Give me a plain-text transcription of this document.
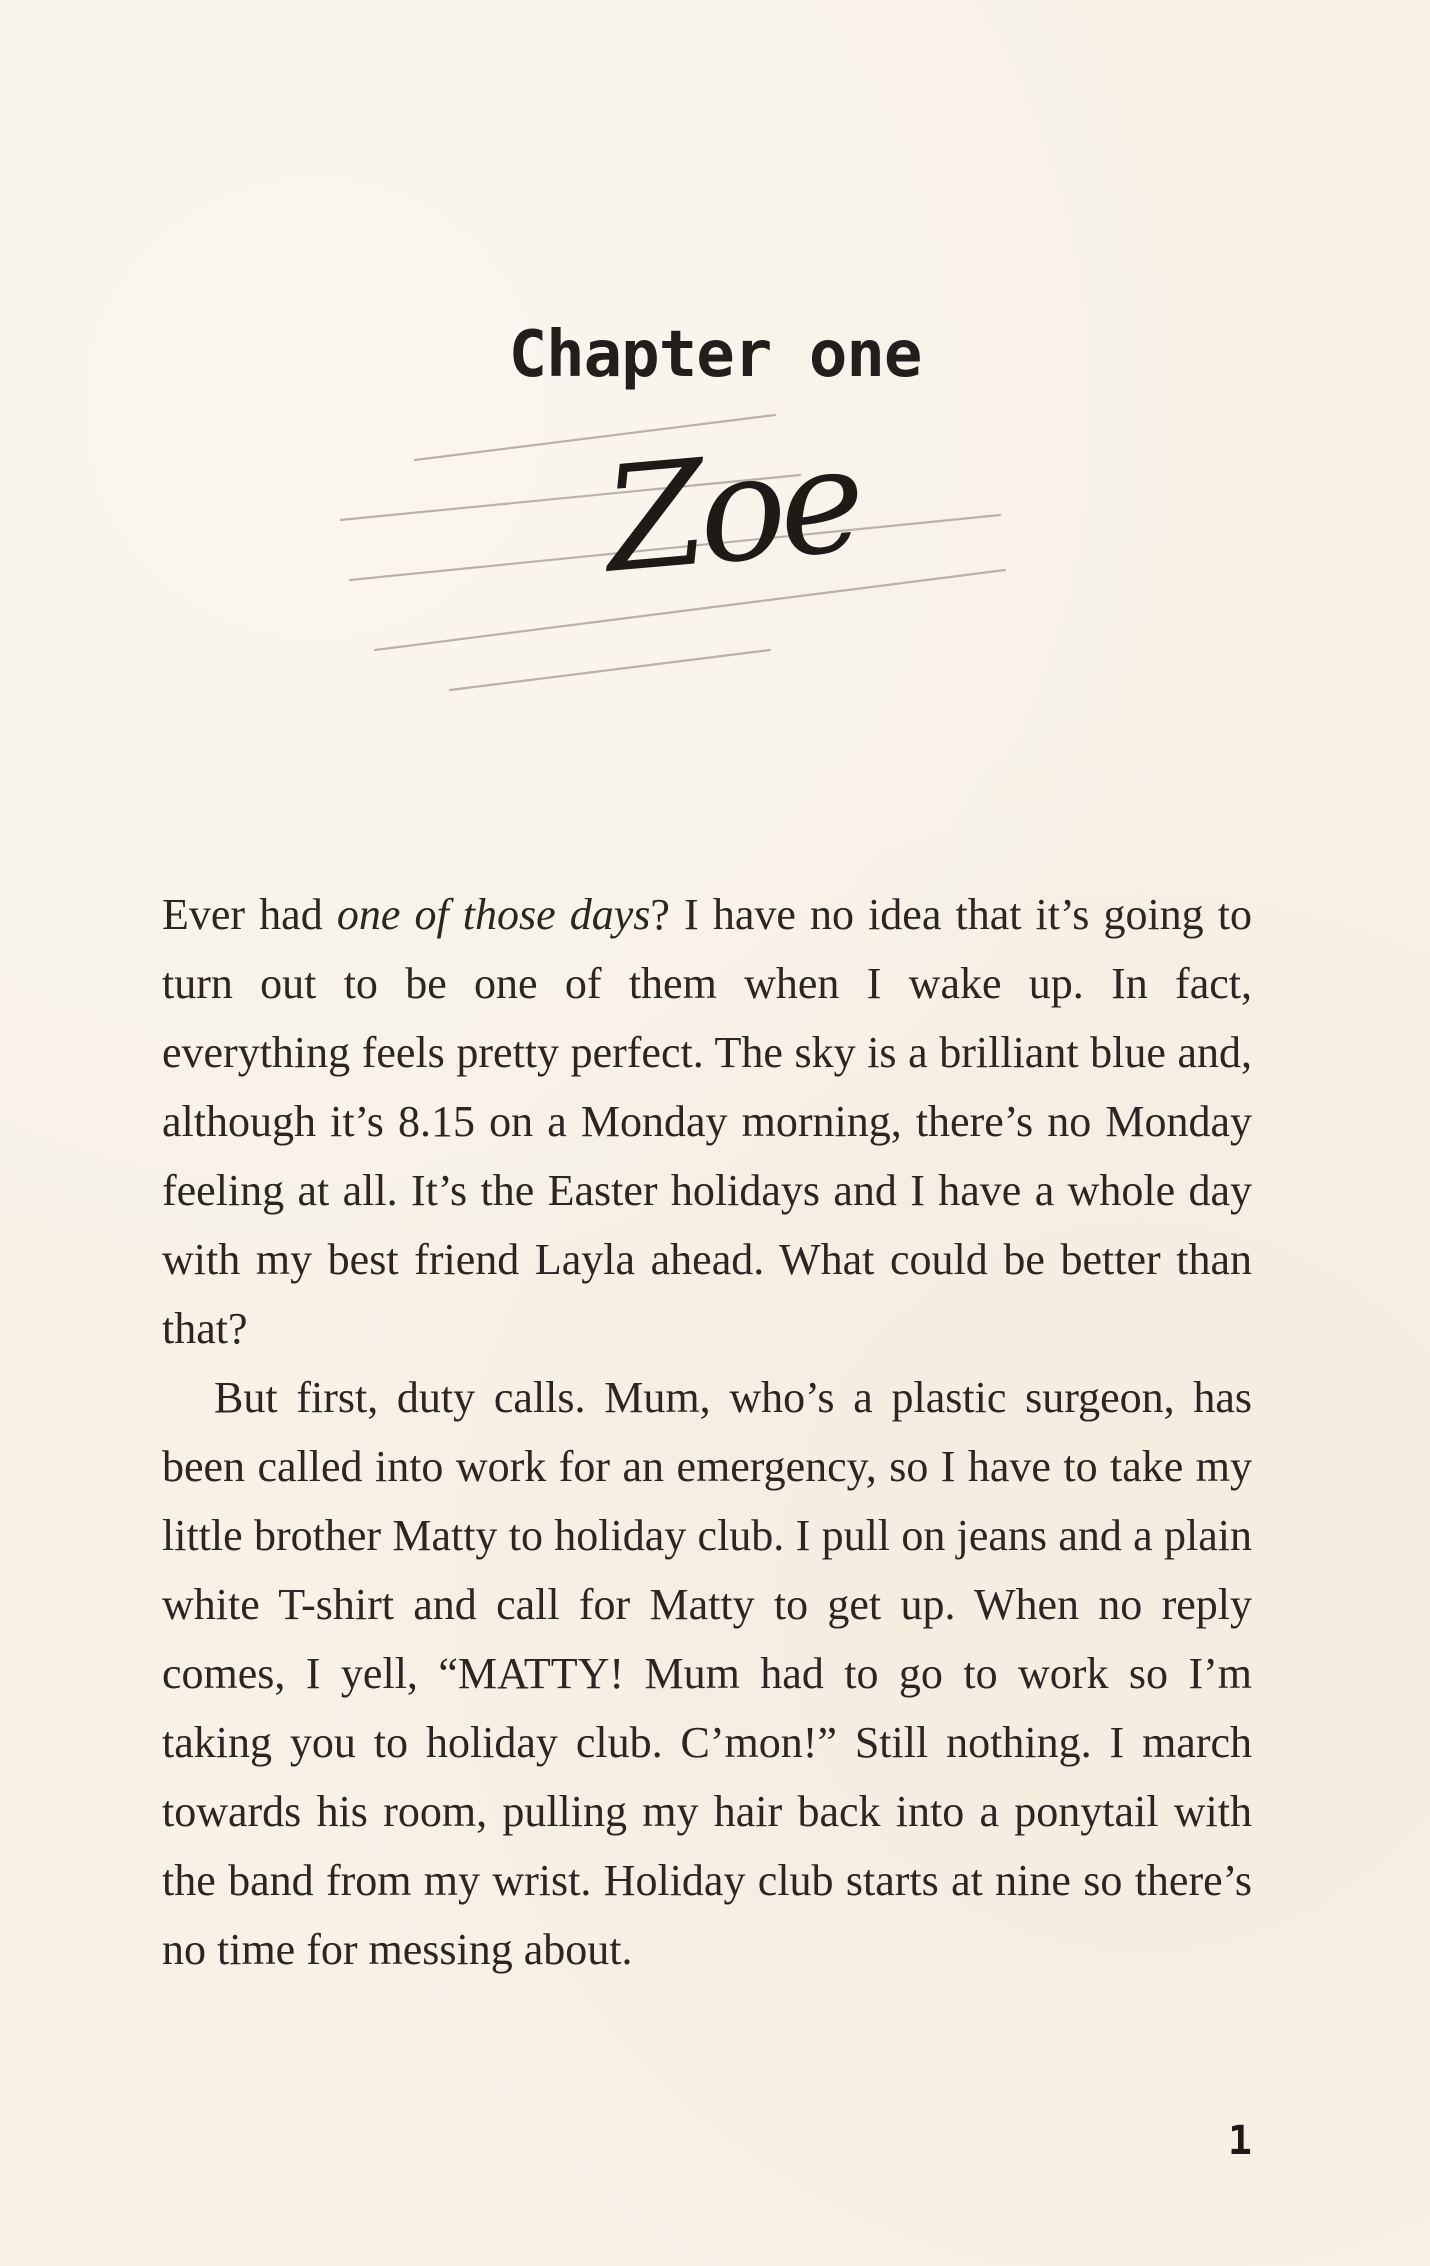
Chapter one
Zoe

Ever had one of those days? I have no idea that it’s going to turn out to be one of them when I wake up. In fact, everything feels pretty perfect. The sky is a brilliant blue and, although it’s 8.15 on a Monday morning, there’s no Monday feeling at all. It’s the Easter holidays and I have a whole day with my best friend Layla ahead. What could be better than that?

But first, duty calls. Mum, who’s a plastic surgeon, has been called into work for an emergency, so I have to take my little brother Matty to holiday club. I pull on jeans and a plain white T-shirt and call for Matty to get up. When no reply comes, I yell, “MATTY! Mum had to go to work so I’m taking you to holiday club. C’mon!” Still nothing. I march towards his room, pulling my hair back into a ponytail with the band from my wrist. Holiday club starts at nine so there’s no time for messing about.

1
